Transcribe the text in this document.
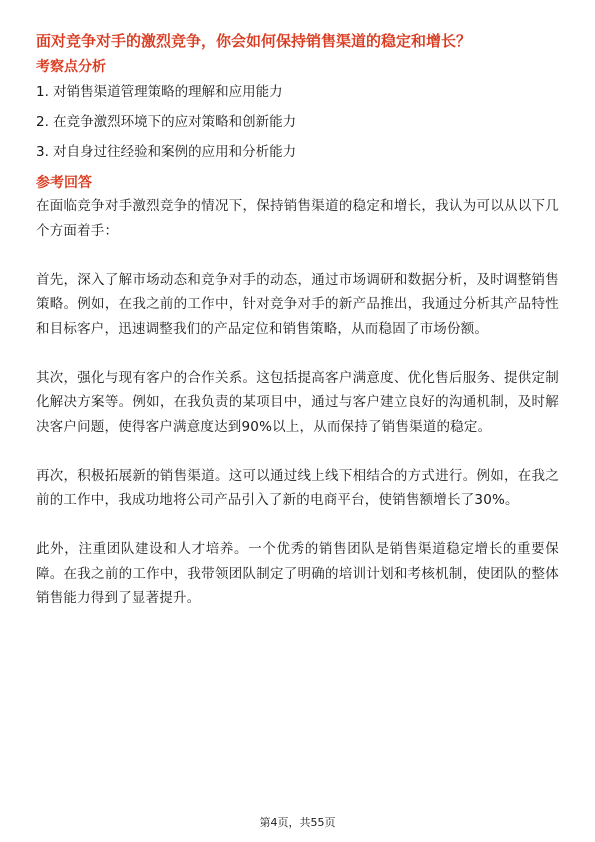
面对竞争对手的激烈竞争，你会如何保持销售渠道的稳定和增长？
考察点分析
1. 对销售渠道管理策略的理解和应用能力
2. 在竞争激烈环境下的应对策略和创新能力
3. 对自身过往经验和案例的应用和分析能力
参考回答

在面临竞争对手激烈竞争的情况下，保持销售渠道的稳定和增长，我认为可以从以下几个方面着手：

首先，深入了解市场动态和竞争对手的动态，通过市场调研和数据分析，及时调整销售策略。例如，在我之前的工作中，针对竞争对手的新产品推出，我通过分析其产品特性和目标客户，迅速调整我们的产品定位和销售策略，从而稳固了市场份额。

其次，强化与现有客户的合作关系。这包括提高客户满意度、优化售后服务、提供定制化解决方案等。例如，在我负责的某项目中，通过与客户建立良好的沟通机制，及时解决客户问题，使得客户满意度达到90%以上，从而保持了销售渠道的稳定。

再次，积极拓展新的销售渠道。这可以通过线上线下相结合的方式进行。例如，在我之前的工作中，我成功地将公司产品引入了新的电商平台，使销售额增长了30%。

此外，注重团队建设和人才培养。一个优秀的销售团队是销售渠道稳定增长的重要保障。在我之前的工作中，我带领团队制定了明确的培训计划和考核机制，使团队的整体销售能力得到了显著提升。

第4页，共55页
